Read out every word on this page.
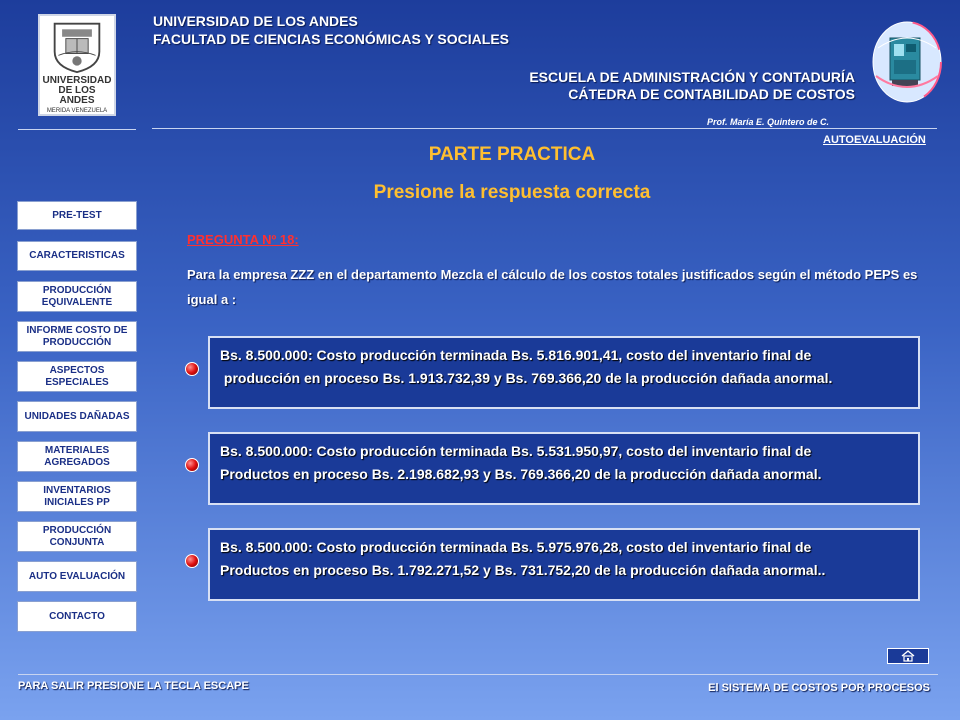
UNIVERSIDAD DE LOS ANDES
MERIDA VENEZUELA
UNIVERSIDAD DE LOS ANDES
FACULTAD DE CIENCIAS ECONÓMICAS Y SOCIALES
ESCUELA DE ADMINISTRACIÓN Y CONTADURÍA
CÁTEDRA DE CONTABILIDAD DE COSTOS
Prof. María E. Quintero de C.
AUTOEVALUACIÓN
PARTE PRACTICA
Presione la respuesta correcta
PRE-TEST
CARACTERISTICAS
PRODUCCIÓN EQUIVALENTE
INFORME COSTO DE PRODUCCIÓN
ASPECTOS ESPECIALES
UNIDADES DAÑADAS
MATERIALES AGREGADOS
INVENTARIOS INICIALES PP
PRODUCCIÓN CONJUNTA
AUTO EVALUACIÓN
CONTACTO
PREGUNTA Nº 18:
Para la empresa ZZZ en el departamento Mezcla el cálculo de los costos totales justificados según el método PEPS es igual a :
Bs. 8.500.000: Costo producción terminada Bs. 5.816.901,41, costo del inventario final de
producción en proceso Bs. 1.913.732,39 y Bs. 769.366,20 de la producción dañada anormal.
Bs. 8.500.000: Costo producción terminada Bs. 5.531.950,97, costo del inventario final de
Productos en proceso Bs. 2.198.682,93 y Bs. 769.366,20 de la producción dañada anormal.
Bs. 8.500.000: Costo producción terminada Bs. 5.975.976,28, costo del inventario final de
Productos en proceso Bs. 1.792.271,52 y Bs. 731.752,20 de la producción dañada anormal..
PARA SALIR PRESIONE LA TECLA ESCAPE	El SISTEMA DE COSTOS POR PROCESOS
